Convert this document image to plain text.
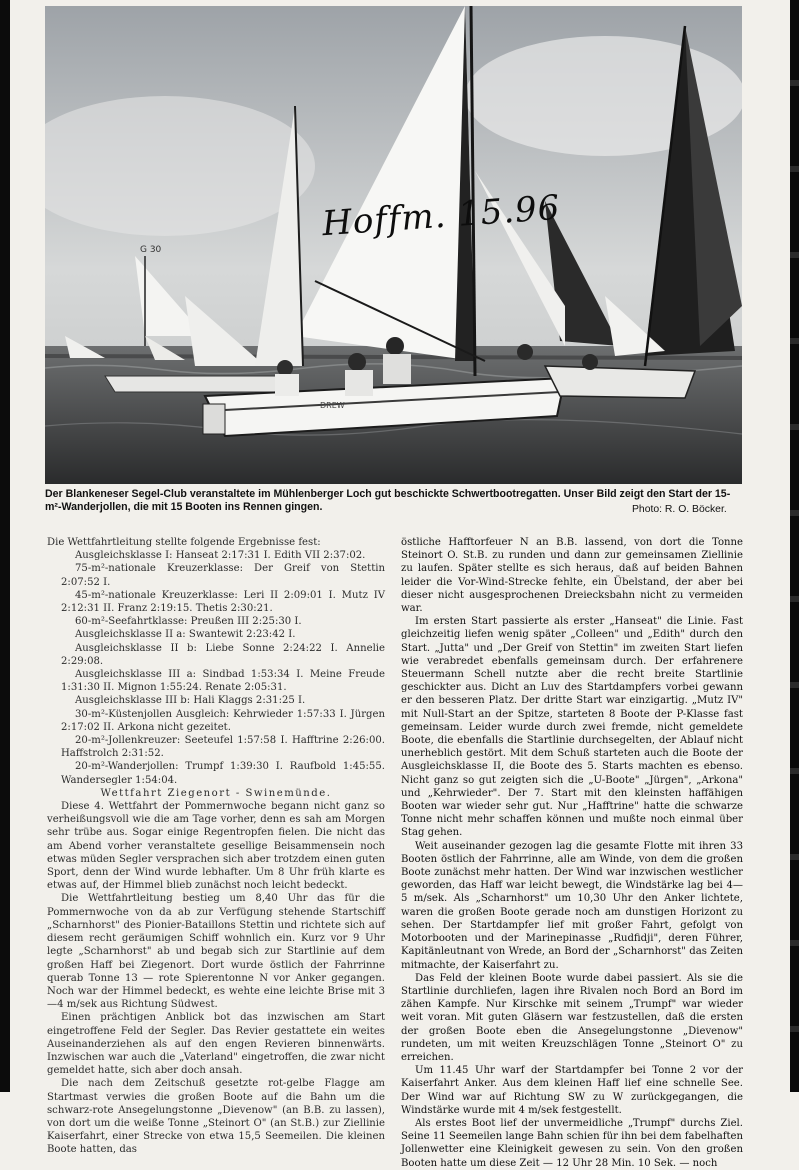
G 30
DREW
Hoffm. 15.96
Der Blankeneser Segel-Club veranstaltete im Mühlenberger Loch gut beschickte Schwertbootregatten. Unser Bild zeigt den Start der 15-m²-Wanderjollen, die mit 15 Booten ins Rennen gingen.	Photo: R. O. Böcker.

Die Wettfahrtleitung stellte folgende Ergebnisse fest:

Ausgleichsklasse I: Hanseat 2:17:31 I. Edith VII 2:37:02.

75-m²-nationale Kreuzerklasse: Der Greif von Stettin 2:07:52 I.

45-m²-nationale Kreuzerklasse: Leri II 2:09:01 I. Mutz IV 2:12:31 II. Franz 2:19:15. Thetis 2:30:21.

60-m²-Seefahrtklasse: Preußen III 2:25:30 I.

Ausgleichsklasse II a: Swantewit 2:23:42 I.

Ausgleichsklasse II b: Liebe Sonne 2:24:22 I. Annelie 2:29:08.

Ausgleichsklasse III a: Sindbad 1:53:34 I. Meine Freude 1:31:30 II. Mignon 1:55:24. Renate 2:05:31.

Ausgleichsklasse III b: Hali Klaggs 2:31:25 I.

30-m²-Küstenjollen Ausgleich: Kehrwieder 1:57:33 I. Jürgen 2:17:02 II. Arkona nicht gezeitet.

20-m²-Jollenkreuzer: Seeteufel 1:57:58 I. Hafftrine 2:26:00. Haffstrolch 2:31:52.

20-m²-Wanderjollen: Trumpf 1:39:30 I. Raufbold 1:45:55. Wandersegler 1:54:04.

Wettfahrt Ziegenort - Swinemünde.

Diese 4. Wettfahrt der Pommernwoche begann nicht ganz so verheißungsvoll wie die am Tage vorher, denn es sah am Morgen sehr trübe aus. Sogar einige Regentropfen fielen. Die nicht das am Abend vorher veranstaltete gesellige Beisammensein noch etwas müden Segler versprachen sich aber trotzdem einen guten Sport, denn der Wind wurde lebhafter. Um 8 Uhr früh klarte es etwas auf, der Himmel blieb zunächst noch leicht bedeckt.

Die Wettfahrtleitung bestieg um 8,40 Uhr das für die Pommernwoche von da ab zur Verfügung stehende Startschiff „Scharnhorst" des Pionier-Bataillons Stettin und richtete sich auf diesem recht geräumigen Schiff wohnlich ein. Kurz vor 9 Uhr legte „Scharnhorst" ab und begab sich zur Startlinie auf dem großen Haff bei Ziegenort. Dort wurde östlich der Fahrrinne querab Tonne 13 — rote Spierentonne N vor Anker gegangen. Noch war der Himmel bedeckt, es wehte eine leichte Brise mit 3—4 m/sek aus Richtung Südwest.

Einen prächtigen Anblick bot das inzwischen am Start eingetroffene Feld der Segler. Das Revier gestattete ein weites Auseinanderziehen als auf den engen Revieren binnenwärts. Inzwischen war auch die „Vaterland" eingetroffen, die zwar nicht gemeldet hatte, sich aber doch ansah.

Die nach dem Zeitschuß gesetzte rot-gelbe Flagge am Startmast verwies die großen Boote auf die Bahn um die schwarz-rote Ansegelungstonne „Dievenow" (an B.B. zu lassen), von dort um die weiße Tonne „Steinort O" (an St.B.) zur Ziellinie Kaiserfahrt, einer Strecke von etwa 15,5 Seemeilen. Die kleinen Boote hatten, das

östliche Hafftorfeuer N an B.B. lassend, von dort die Tonne Steinort O. St.B. zu runden und dann zur gemeinsamen Ziellinie zu laufen. Später stellte es sich heraus, daß auf beiden Bahnen leider die Vor-Wind-Strecke fehlte, ein Übelstand, der aber bei dieser nicht ausgesprochenen Dreiecksbahn nicht zu vermeiden war.

Im ersten Start passierte als erster „Hanseat" die Linie. Fast gleichzeitig liefen wenig später „Colleen" und „Edith" durch den Start. „Jutta" und „Der Greif von Stettin" im zweiten Start liefen wie verabredet ebenfalls gemeinsam durch. Der erfahrenere Steuermann Schell nutzte aber die recht breite Startlinie geschickter aus. Dicht an Luv des Startdampfers vorbei gewann er den besseren Platz. Der dritte Start war einzigartig. „Mutz IV" mit Null-Start an der Spitze, starteten 8 Boote der P-Klasse fast gemeinsam. Leider wurde durch zwei fremde, nicht gemeldete Boote, die ebenfalls die Startlinie durchsegelten, der Ablauf nicht unerheblich gestört. Mit dem Schuß starteten auch die Boote der Ausgleichsklasse II, die Boote des 5. Starts machten es ebenso. Nicht ganz so gut zeigten sich die „U-Boote" „Jürgen", „Arkona" und „Kehrwieder". Der 7. Start mit den kleinsten haffähigen Booten war wieder sehr gut. Nur „Hafftrine" hatte die schwarze Tonne nicht mehr schaffen können und mußte noch einmal über Stag gehen.

Weit auseinander gezogen lag die gesamte Flotte mit ihren 33 Booten östlich der Fahrrinne, alle am Winde, von dem die großen Boote zunächst mehr hatten. Der Wind war inzwischen westlicher geworden, das Haff war leicht bewegt, die Windstärke lag bei 4—5 m/sek. Als „Scharnhorst" um 10,30 Uhr den Anker lichtete, waren die großen Boote gerade noch am dunstigen Horizont zu sehen. Der Startdampfer lief mit großer Fahrt, gefolgt von Motorbooten und der Marinepinasse „Rudfidji", deren Führer, Kapitänleutnant von Wrede, an Bord der „Scharnhorst" das Zeiten mitmachte, der Kaiserfahrt zu.

Das Feld der kleinen Boote wurde dabei passiert. Als sie die Startlinie durchliefen, lagen ihre Rivalen noch Bord an Bord im zähen Kampfe. Nur Kirschke mit seinem „Trumpf" war wieder weit voran. Mit guten Gläsern war festzustellen, daß die ersten der großen Boote eben die Ansegelungstonne „Dievenow" rundeten, um mit weiten Kreuzschlägen Tonne „Steinort O" zu erreichen.

Um 11.45 Uhr warf der Startdampfer bei Tonne 2 vor der Kaiserfahrt Anker. Aus dem kleinen Haff lief eine schnelle See. Der Wind war auf Richtung SW zu W zurückgegangen, die Windstärke wurde mit 4 m/sek festgestellt.

Als erstes Boot lief der unvermeidliche „Trumpf" durchs Ziel. Seine 11 Seemeilen lange Bahn schien für ihn bei dem fabelhaften Jollenwetter eine Kleinigkeit gewesen zu sein. Von den großen Booten hatte um diese Zeit — 12 Uhr 28 Min. 10 Sek. — noch
